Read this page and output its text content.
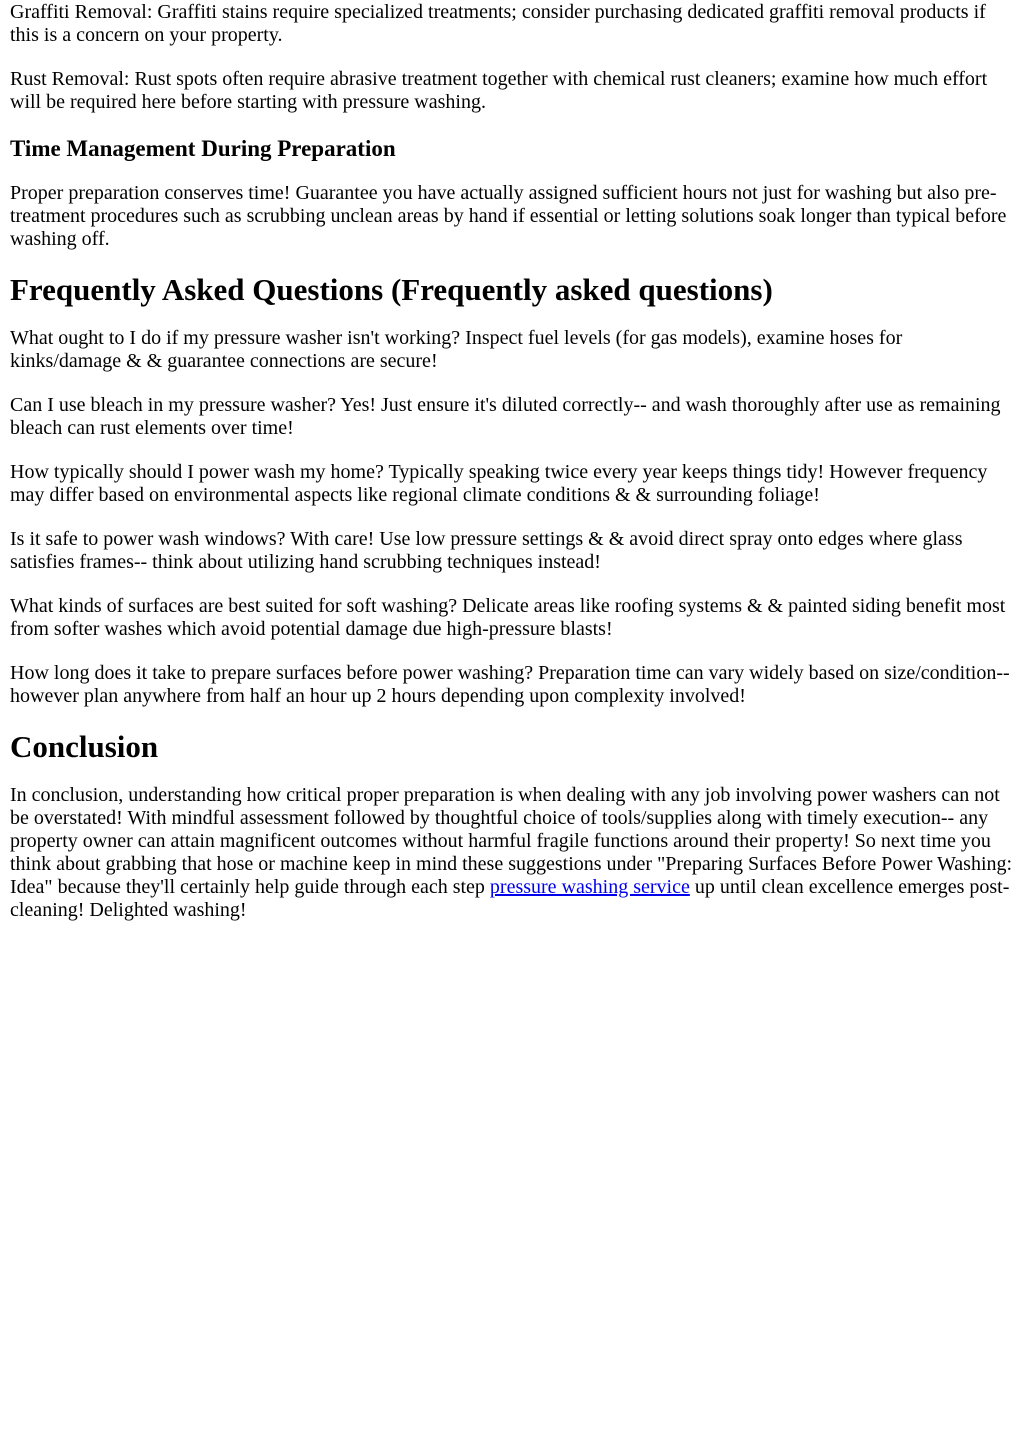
Graffiti Removal: Graffiti stains require specialized treatments; consider purchasing dedicated graffiti removal products if this is a concern on your property.

Rust Removal: Rust spots often require abrasive treatment together with chemical rust cleaners; examine how much effort will be required here before starting with pressure washing.

Time Management During Preparation

Proper preparation conserves time! Guarantee you have actually assigned sufficient hours not just for washing but also pre-treatment procedures such as scrubbing unclean areas by hand if essential or letting solutions soak longer than typical before washing off.

Frequently Asked Questions (Frequently asked questions)

What ought to I do if my pressure washer isn't working? Inspect fuel levels (for gas models), examine hoses for kinks/damage & & guarantee connections are secure!

Can I use bleach in my pressure washer? Yes! Just ensure it's diluted correctly-- and wash thoroughly after use as remaining bleach can rust elements over time!

How typically should I power wash my home? Typically speaking twice every year keeps things tidy! However frequency may differ based on environmental aspects like regional climate conditions & & surrounding foliage!

Is it safe to power wash windows? With care! Use low pressure settings & & avoid direct spray onto edges where glass satisfies frames-- think about utilizing hand scrubbing techniques instead!

What kinds of surfaces are best suited for soft washing? Delicate areas like roofing systems & & painted siding benefit most from softer washes which avoid potential damage due high-pressure blasts!

How long does it take to prepare surfaces before power washing? Preparation time can vary widely based on size/condition-- however plan anywhere from half an hour up 2 hours depending upon complexity involved!

Conclusion

In conclusion, understanding how critical proper preparation is when dealing with any job involving power washers can not be overstated! With mindful assessment followed by thoughtful choice of tools/supplies along with timely execution-- any property owner can attain magnificent outcomes without harmful fragile functions around their property! So next time you think about grabbing that hose or machine keep in mind these suggestions under "Preparing Surfaces Before Power Washing: Idea" because they'll certainly help guide through each step pressure washing service up until clean excellence emerges post-cleaning! Delighted washing!
